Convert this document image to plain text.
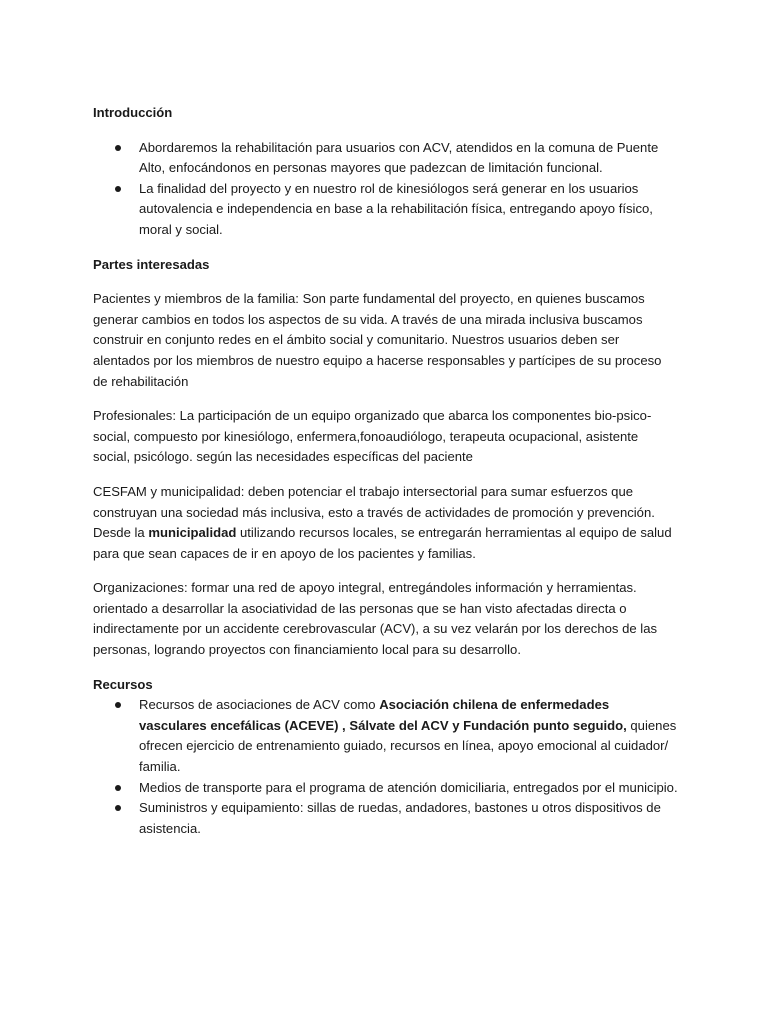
Introducción
Abordaremos la rehabilitación para usuarios con ACV, atendidos en la comuna de Puente Alto, enfocándonos en personas mayores que padezcan de limitación funcional.
La finalidad del proyecto y en nuestro rol de kinesiólogos será generar en los usuarios autovalencia e independencia en base a la rehabilitación física, entregando apoyo físico, moral y social.
Partes interesadas

Pacientes y miembros de la familia: Son parte fundamental del proyecto, en quienes buscamos generar cambios en todos los aspectos de su vida. A través de una mirada inclusiva buscamos construir en conjunto redes en el ámbito social y comunitario. Nuestros usuarios deben ser alentados por los miembros de nuestro equipo a hacerse responsables y partícipes de su proceso de rehabilitación

Profesionales: La participación de un equipo organizado que abarca los componentes bio-psico-social, compuesto por kinesiólogo, enfermera,fonoaudiólogo, terapeuta ocupacional, asistente social, psicólogo. según las necesidades específicas del paciente

CESFAM y municipalidad: deben potenciar el trabajo intersectorial para sumar esfuerzos que construyan una sociedad más inclusiva, esto a través de actividades de promoción y prevención. Desde la municipalidad utilizando recursos locales, se entregarán herramientas al equipo de salud para que sean capaces de ir en apoyo de los pacientes y familias.

Organizaciones: formar una red de apoyo integral, entregándoles información y herramientas. orientado a desarrollar la asociatividad de las personas que se han visto afectadas directa o indirectamente por un accidente cerebrovascular (ACV), a su vez velarán por los derechos de las personas, logrando proyectos con financiamiento local para su desarrollo.

Recursos
Recursos de asociaciones de ACV como Asociación chilena de enfermedades vasculares encefálicas (ACEVE) , Sálvate del ACV y Fundación punto seguido, quienes ofrecen ejercicio de entrenamiento guiado, recursos en línea, apoyo emocional al cuidador/ familia.
Medios de transporte para el programa de atención domiciliaria, entregados por el municipio.
Suministros y equipamiento: sillas de ruedas, andadores, bastones u otros dispositivos de asistencia.
